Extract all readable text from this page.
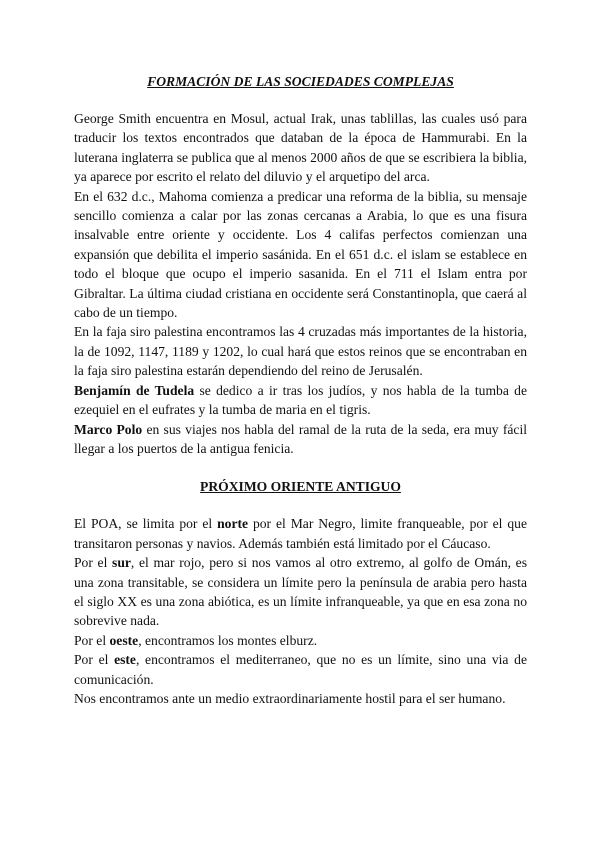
FORMACIÓN DE LAS SOCIEDADES COMPLEJAS

George Smith encuentra en Mosul, actual Irak, unas tablillas, las cuales usó para traducir los textos encontrados que databan de la época de Hammurabi. En la luterana inglaterra se publica que al menos 2000 años de que se escribiera la biblia, ya aparece por escrito el relato del diluvio y el arquetipo del arca.

En el 632 d.c., Mahoma comienza a predicar una reforma de la biblia, su mensaje sencillo comienza a calar por las zonas cercanas a Arabia, lo que es una fisura insalvable entre oriente y occidente. Los 4 califas perfectos comienzan una expansión que debilita el imperio sasánida. En el 651 d.c. el islam se establece en todo el bloque que ocupo el imperio sasanida. En el 711 el Islam entra por Gibraltar. La última ciudad cristiana en occidente será Constantinopla, que caerá al cabo de un tiempo.

En la faja siro palestina encontramos las 4 cruzadas más importantes de la historia, la de 1092, 1147, 1189 y 1202, lo cual hará que estos reinos que se encontraban en la faja siro palestina estarán dependiendo del reino de Jerusalén.

Benjamín de Tudela se dedico a ir tras los judíos, y nos habla de la tumba de ezequiel en el eufrates y la tumba de maria en el tigris.

Marco Polo en sus viajes nos habla del ramal de la ruta de la seda, era muy fácil llegar a los puertos de la antigua fenicia.

PRÓXIMO ORIENTE ANTIGUO

El POA, se limita por el norte por el Mar Negro, limite franqueable, por el que transitaron personas y navios. Además también está limitado por el Cáucaso.

Por el sur, el mar rojo, pero si nos vamos al otro extremo, al golfo de Omán, es una zona transitable, se considera un límite pero la península de arabia pero hasta el siglo XX es una zona abiótica, es un límite infranqueable, ya que en esa zona no sobrevive nada.

Por el oeste, encontramos los montes elburz.

Por el este, encontramos el mediterraneo, que no es un límite, sino una via de comunicación.

Nos encontramos ante un medio extraordinariamente hostil para el ser humano.
